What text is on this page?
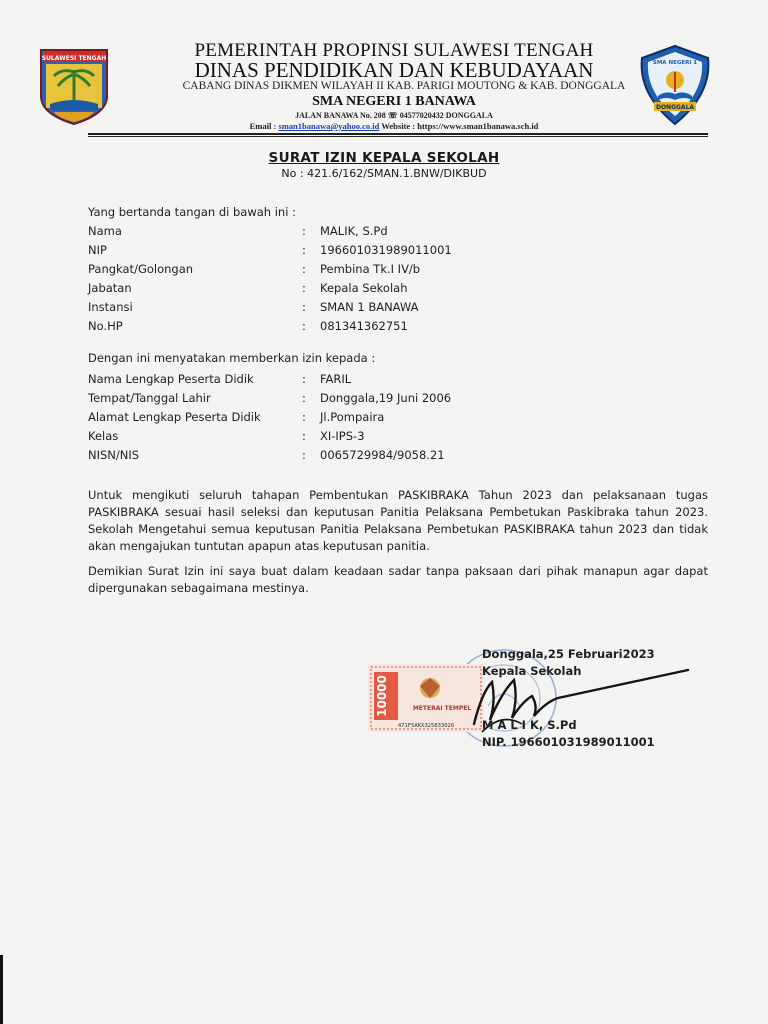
SULAWESI TENGAH
SMA NEGERI 1
DONGGALA
PEMERINTAH PROPINSI SULAWESI TENGAH
DINAS PENDIDIKAN DAN KEBUDAYAAN
CABANG DINAS DIKMEN WILAYAH II KAB. PARIGI MOUTONG & KAB. DONGGALA
SMA NEGERI 1 BANAWA
JALAN BANAWA No. 208 ☏ 04577020432 DONGGALA
Email : sman1banawa@yahoo.co.id Website : https://www.sman1banawa.sch.id
SURAT IZIN KEPALA SEKOLAH
No : 421.6/162/SMAN.1.BNW/DIKBUD
Yang bertanda tangan di bawah ini :
Nama	: MALIK, S.Pd
NIP	: 196601031989011001
Pangkat/Golongan	: Pembina Tk.I IV/b
Jabatan	: Kepala Sekolah
Instansi	: SMAN 1 BANAWA
No.HP	: 081341362751
Dengan ini menyatakan memberkan izin kepada :
Nama Lengkap Peserta Didik	: FARIL
Tempat/Tanggal Lahir	: Donggala,19 Juni 2006
Alamat Lengkap Peserta Didik	: Jl.Pompaira
Kelas	: XI-IPS-3
NISN/NIS	: 0065729984/9058.21
Untuk mengikuti seluruh tahapan Pembentukan PASKIBRAKA Tahun 2023 dan pelaksanaan tugas PASKIBRAKA sesuai hasil seleksi dan keputusan Panitia Pelaksana Pembetukan Paskibraka tahun 2023. Sekolah Mengetahui semua keputusan Panitia Pelaksana Pembetukan PASKIBRAKA tahun 2023 dan tidak akan mengajukan tuntutan apapun atas keputusan panitia.
Demikian Surat Izin ini saya buat dalam keadaan sadar tanpa paksaan dari pihak manapun agar dapat dipergunakan sebagaimana mestinya.
10000	METERAI TEMPEL
471F5AKX325833026
Donggala,25 Februari2023
Kepala Sekolah
M A L I K, S.Pd
NIP. 196601031989011001
